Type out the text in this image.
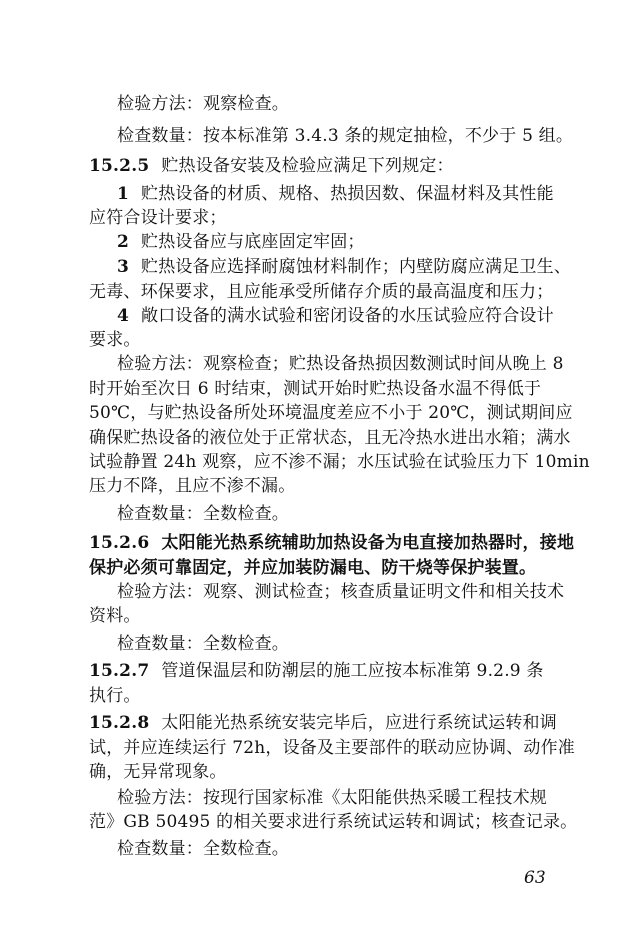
检验方法：观察检查。
检查数量：按本标准第 3.4.3 条的规定抽检，不少于 5 组。
15.2.5 贮热设备安装及检验应满足下列规定：
1 贮热设备的材质、规格、热损因数、保温材料及其性能
应符合设计要求；
2 贮热设备应与底座固定牢固；
3 贮热设备应选择耐腐蚀材料制作；内壁防腐应满足卫生、
无毒、环保要求，且应能承受所储存介质的最高温度和压力；
4 敞口设备的满水试验和密闭设备的水压试验应符合设计
要求。
检验方法：观察检查；贮热设备热损因数测试时间从晚上 8
时开始至次日 6 时结束，测试开始时贮热设备水温不得低于
50℃，与贮热设备所处环境温度差应不小于 20℃，测试期间应
确保贮热设备的液位处于正常状态，且无冷热水进出水箱；满水
试验静置 24h 观察，应不渗不漏；水压试验在试验压力下 10min
压力不降，且应不渗不漏。
检查数量：全数检查。
15.2.6 太阳能光热系统辅助加热设备为电直接加热器时，接地
保护必须可靠固定，并应加装防漏电、防干烧等保护装置。
检验方法：观察、测试检查；核查质量证明文件和相关技术
资料。
检查数量：全数检查。
15.2.7 管道保温层和防潮层的施工应按本标准第 9.2.9 条
执行。
15.2.8 太阳能光热系统安装完毕后，应进行系统试运转和调
试，并应连续运行 72h，设备及主要部件的联动应协调、动作准
确，无异常现象。
检验方法：按现行国家标准《太阳能供热采暖工程技术规
范》GB 50495 的相关要求进行系统试运转和调试；核查记录。
检查数量：全数检查。
63
